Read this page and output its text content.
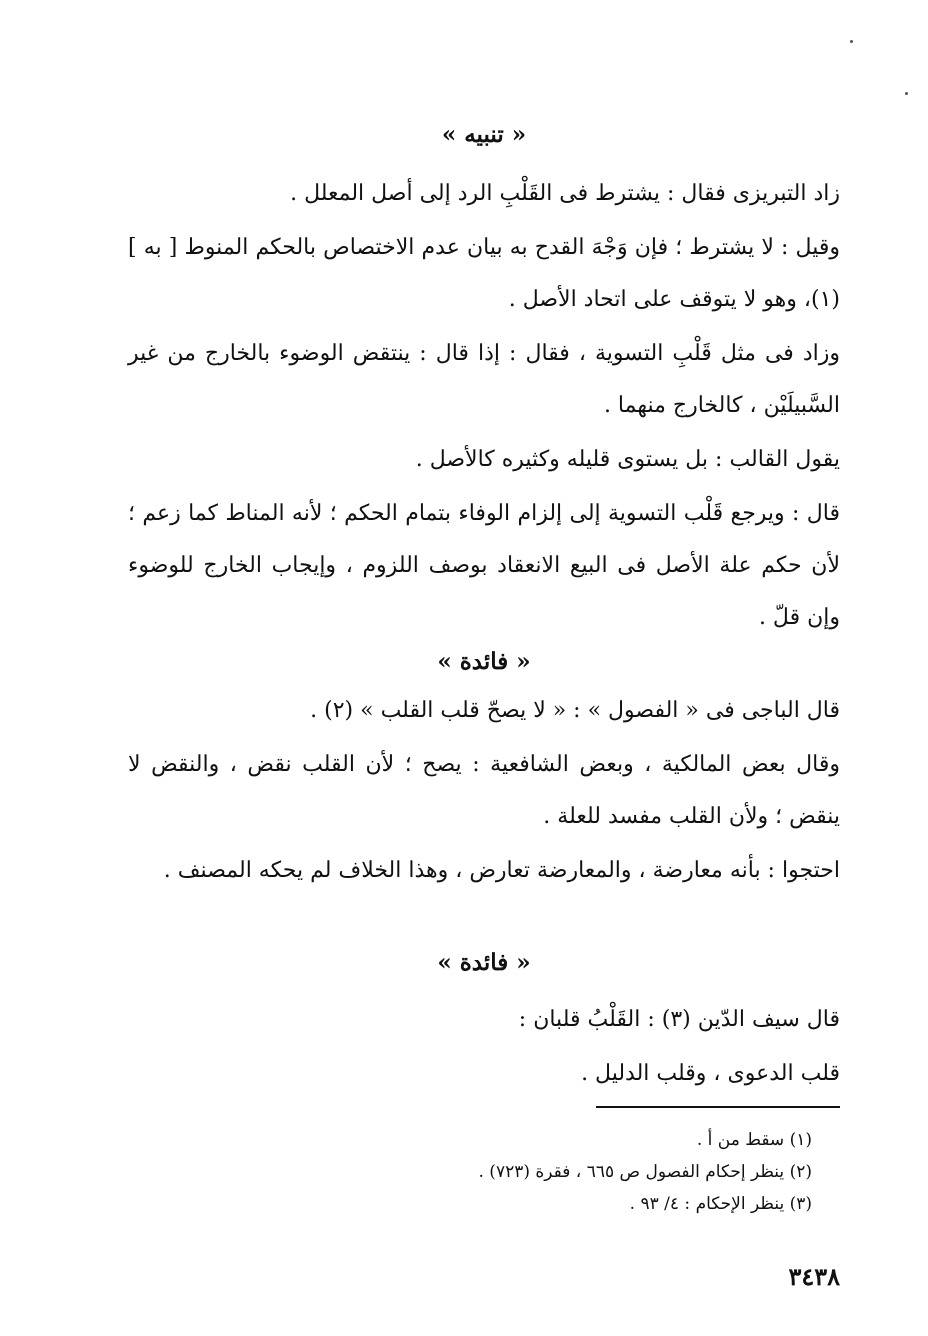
« تنبيه »

زاد التبريزى فقال : يشترط فى القَلْبِ الرد إلى أصل المعلل .

وقيل : لا يشترط ؛ فإن وَجْهَ القدح به بيان عدم الاختصاص بالحكم المنوط [ به ] (١)، وهو لا يتوقف على اتحاد الأصل .

وزاد فى مثل قَلْبِ التسوية ، فقال : إذا قال : ينتقض الوضوء بالخارج من غير السَّبيلَيْن ، كالخارج منهما .

يقول القالب : بل يستوى قليله وكثيره كالأصل .

قال : ويرجع قَلْب التسوية إلى إلزام الوفاء بتمام الحكم ؛ لأنه المناط كما زعم ؛ لأن حكم علة الأصل فى البيع الانعقاد بوصف اللزوم ، وإيجاب الخارج للوضوء وإن قلّ .

« فائدة »

قال الباجى فى « الفصول » : « لا يصحّ قلب القلب » (٢) .

وقال بعض المالكية ، وبعض الشافعية : يصح ؛ لأن القلب نقض ، والنقض لا ينقض ؛ ولأن القلب مفسد للعلة .

احتجوا : بأنه معارضة ، والمعارضة تعارض ، وهذا الخلاف لم يحكه المصنف .

« فائدة »

قال سيف الدّين (٣) : القَلْبُ قلبان :

قلب الدعوى ، وقلب الدليل .

(١) سقط من أ .

(٢) ينظر إحكام الفصول ص ٦٦٥ ، فقرة (٧٢٣) .

(٣) ينظر الإحكام : ٤/ ٩٣ .

٣٤٣٨
